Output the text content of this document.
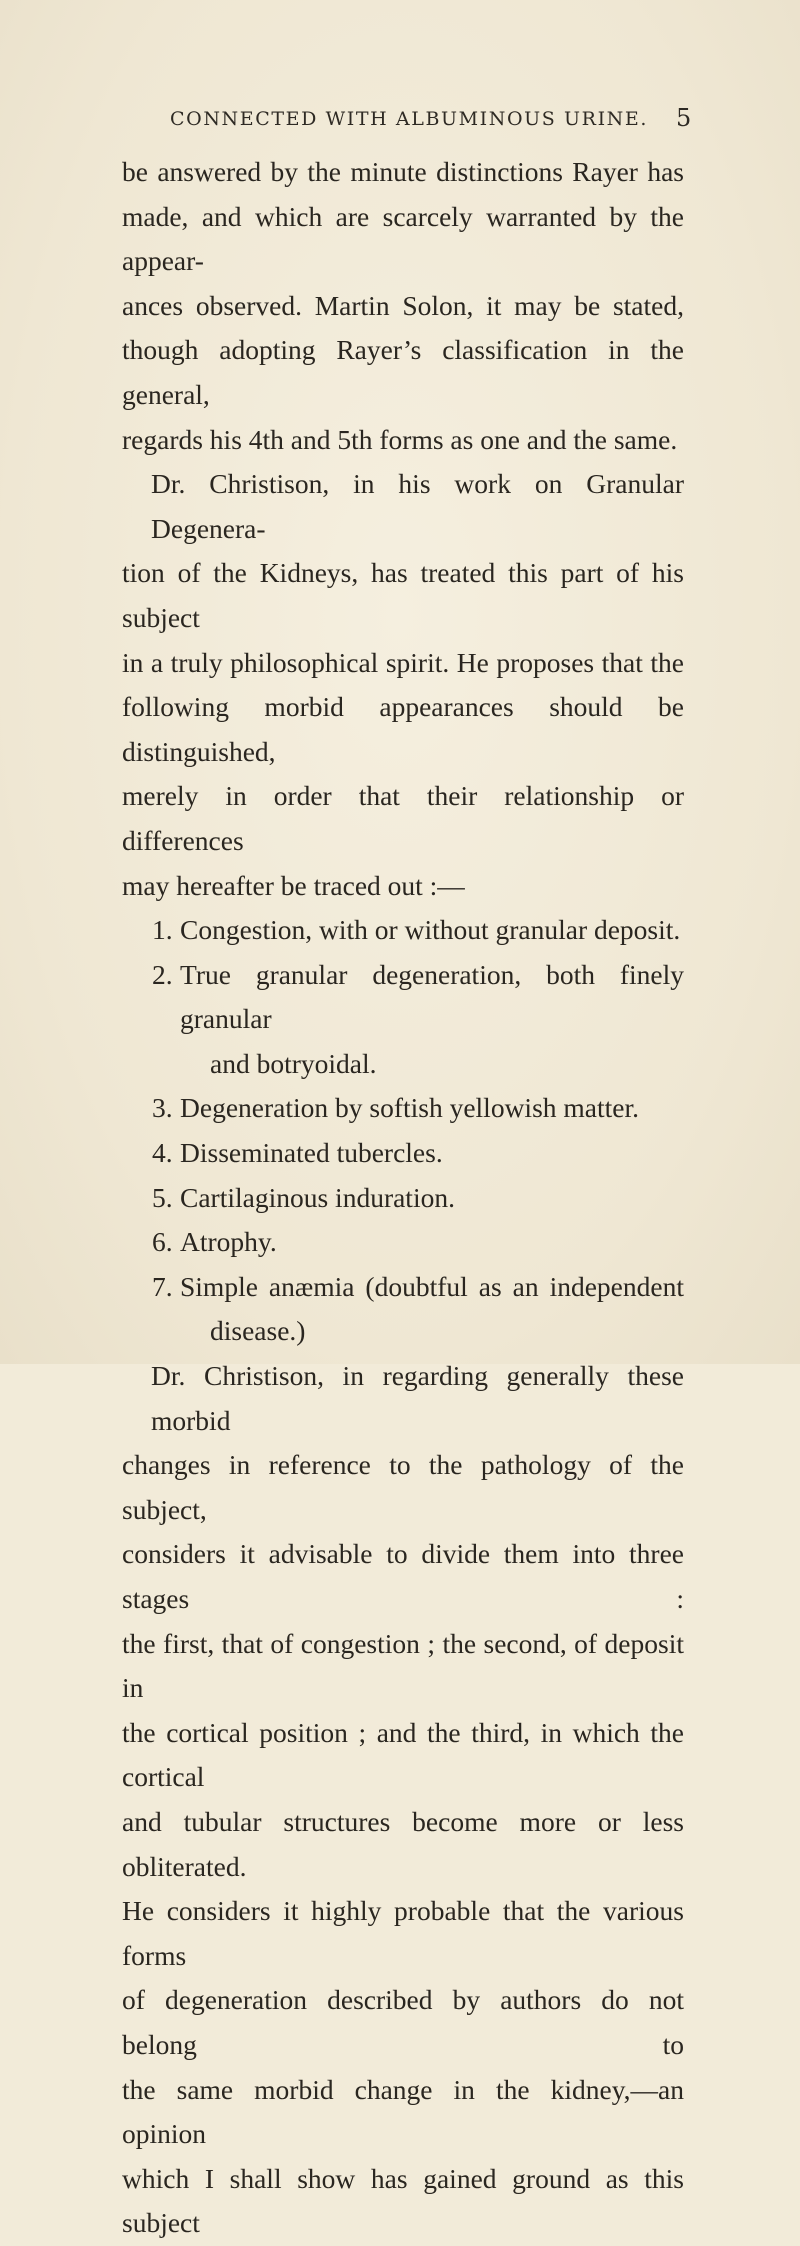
CONNECTED WITH ALBUMINOUS URINE.	5
be answered by the minute distinctions Rayer has
made, and which are scarcely warranted by the appear-
ances observed. Martin Solon, it may be stated,
though adopting Rayer’s classification in the general,
regards his 4th and 5th forms as one and the same.
Dr. Christison, in his work on Granular Degenera-
tion of the Kidneys, has treated this part of his subject
in a truly philosophical spirit. He proposes that the
following morbid appearances should be distinguished,
merely in order that their relationship or differences
may hereafter be traced out :—
1. Congestion, with or without granular deposit.
2. True granular degeneration, both finely granular
and botryoidal.
3. Degeneration by softish yellowish matter.
4. Disseminated tubercles.
5. Cartilaginous induration.
6. Atrophy.
7. Simple anæmia (doubtful as an independent
disease.)
Dr. Christison, in regarding generally these morbid
changes in reference to the pathology of the subject,
considers it advisable to divide them into three stages :
the first, that of congestion ; the second, of deposit in
the cortical position ; and the third, in which the cortical
and tubular structures become more or less obliterated.
He considers it highly probable that the various forms
of degeneration described by authors do not belong to
the same morbid change in the kidney,—an opinion
which I shall show has gained ground as this subject
